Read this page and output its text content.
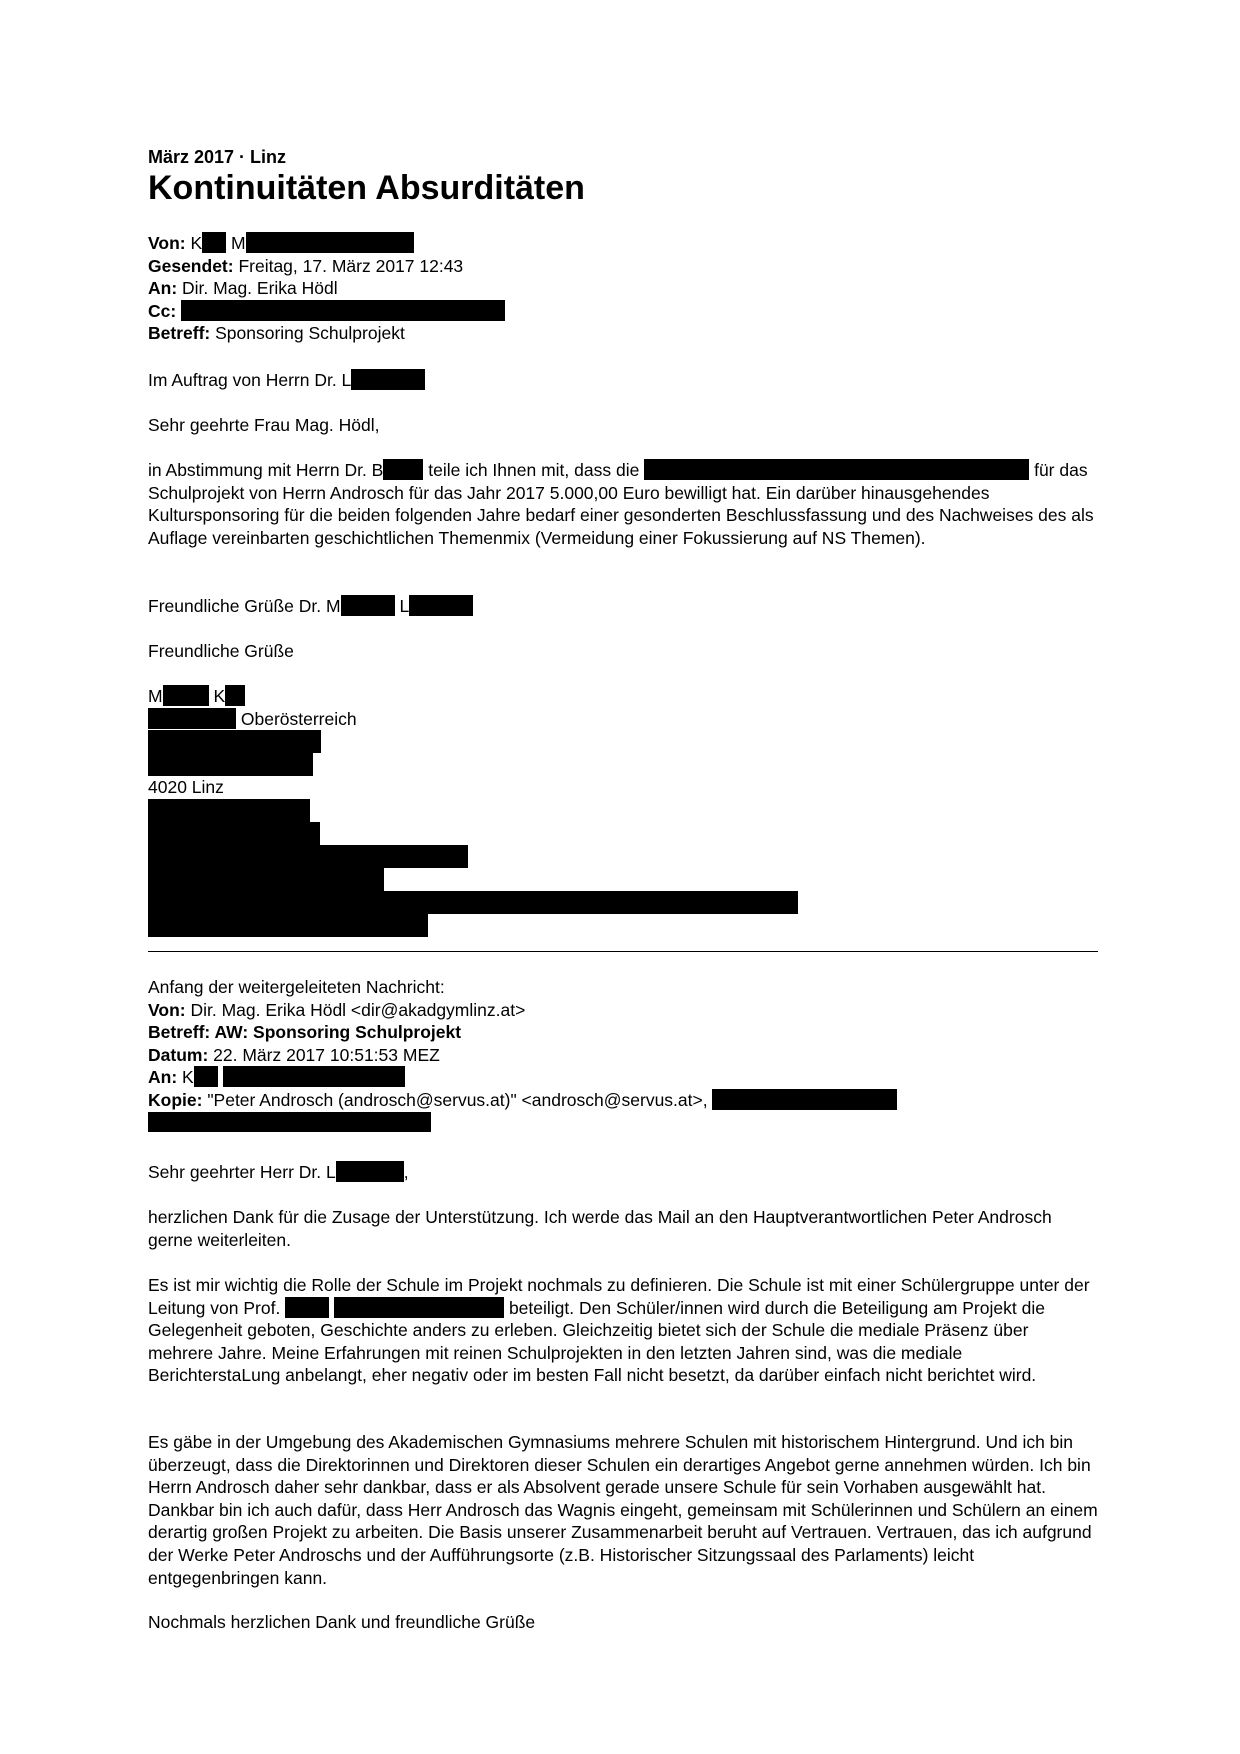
März 2017 · Linz
Kontinuitäten Absurditäten
Von: K M
Gesendet: Freitag, 17. März 2017 12:43
An: Dir. Mag. Erika Hödl
Cc:
Betreff: Sponsoring Schulprojekt
Im Auftrag von Herrn Dr. L
Sehr geehrte Frau Mag. Hödl,

in Abstimmung mit Herrn Dr. B	teile ich Ihnen mit, dass die	für das Schulprojekt von Herrn Androsch für das Jahr 2017 5.000,00 Euro bewilligt hat. Ein darüber hinausgehendes Kultursponsoring für die beiden folgenden Jahre bedarf einer gesonderten Beschlussfassung und des Nachweises des als Auflage vereinbarten geschichtlichen Themenmix (Vermeidung einer Fokussierung auf NS Themen).

Freundliche Grüße Dr. M	L
Freundliche Grüße
M	K
Oberösterreich
4020 Linz
Anfang der weitergeleiteten Nachricht:
Von: Dir. Mag. Erika Hödl <dir@akadgymlinz.at>
Betreff: AW: Sponsoring Schulprojekt
Datum: 22. März 2017 10:51:53 MEZ
An: K
Kopie: "Peter Androsch (androsch@servus.at)" <androsch@servus.at>,
Sehr geehrter Herr Dr. L	,

herzlichen Dank für die Zusage der Unterstützung. Ich werde das Mail an den Hauptverantwortlichen Peter Androsch gerne weiterleiten.

Es ist mir wichtig die Rolle der Schule im Projekt nochmals zu definieren. Die Schule ist mit einer Schülergruppe unter der Leitung von Prof.	beteiligt. Den Schüler/innen wird durch die Beteiligung am Projekt die Gelegenheit geboten, Geschichte anders zu erleben. Gleichzeitig bietet sich der Schule die mediale Präsenz über mehrere Jahre. Meine Erfahrungen mit reinen Schulprojekten in den letzten Jahren sind, was die mediale BerichterstaLung anbelangt, eher negativ oder im besten Fall nicht besetzt, da darüber einfach nicht berichtet wird.

Es gäbe in der Umgebung des Akademischen Gymnasiums mehrere Schulen mit historischem Hintergrund. Und ich bin überzeugt, dass die Direktorinnen und Direktoren dieser Schulen ein derartiges Angebot gerne annehmen würden. Ich bin Herrn Androsch daher sehr dankbar, dass er als Absolvent gerade unsere Schule für sein Vorhaben ausgewählt hat. Dankbar bin ich auch dafür, dass Herr Androsch das Wagnis eingeht, gemeinsam mit Schülerinnen und Schülern an einem derartig großen Projekt zu arbeiten. Die Basis unserer Zusammenarbeit beruht auf Vertrauen. Vertrauen, das ich aufgrund der Werke Peter Androschs und der Aufführungsorte (z.B. Historischer Sitzungssaal des Parlaments) leicht entgegenbringen kann.

Nochmals herzlichen Dank und freundliche Grüße
